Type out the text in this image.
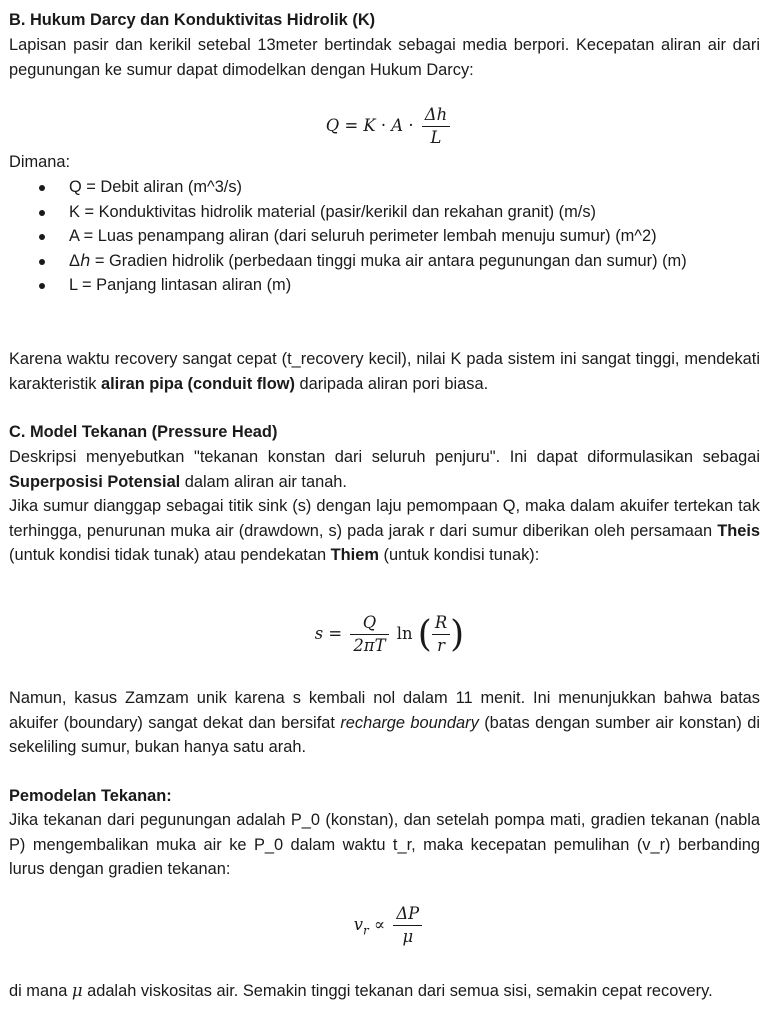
B. Hukum Darcy dan Konduktivitas Hidrolik (K)
Lapisan pasir dan kerikil setebal 13meter bertindak sebagai media berpori. Kecepatan aliran air dari pegunungan ke sumur dapat dimodelkan dengan Hukum Darcy:
$Q = K \cdot A \cdot \frac{\Delta h}{L}$
Dimana:
Q = Debit aliran (m^3/s)
K = Konduktivitas hidrolik material (pasir/kerikil dan rekahan granit) (m/s)
A = Luas penampang aliran (dari seluruh perimeter lembah menuju sumur) (m^2)
Δℎ = Gradien hidrolik (perbedaan tinggi muka air antara pegunungan dan sumur) (m)
L = Panjang lintasan aliran (m)
Karena waktu recovery sangat cepat (t_recovery kecil), nilai K pada sistem ini sangat tinggi, mendekati karakteristik aliran pipa (conduit flow) daripada aliran pori biasa.
C. Model Tekanan (Pressure Head)
Deskripsi menyebutkan "tekanan konstan dari seluruh penjuru". Ini dapat diformulasikan sebagai Superposisi Potensial dalam aliran air tanah.
Jika sumur dianggap sebagai titik sink (s) dengan laju pemompaan Q, maka dalam akuifer tertekan tak terhingga, penurunan muka air (drawdown, s) pada jarak r dari sumur diberikan oleh persamaan Theis (untuk kondisi tidak tunak) atau pendekatan Thiem (untuk kondisi tunak):
$s = \frac{Q}{2\pi T}$ ln ( $\frac{R}{r}$ )
Namun, kasus Zamzam unik karena s kembali nol dalam 11 menit. Ini menunjukkan bahwa batas akuifer (boundary) sangat dekat dan bersifat recharge boundary (batas dengan sumber air konstan) di sekeliling sumur, bukan hanya satu arah.
Pemodelan Tekanan:
Jika tekanan dari pegunungan adalah P_0 (konstan), dan setelah pompa mati, gradien tekanan (nabla P) mengembalikan muka air ke P_0 dalam waktu t_r, maka kecepatan pemulihan (v_r) berbanding lurus dengan gradien tekanan:
$v_r \propto \frac{\Delta P}{\mu}$
di mana μ adalah viskositas air. Semakin tinggi tekanan dari semua sisi, semakin cepat recovery.
